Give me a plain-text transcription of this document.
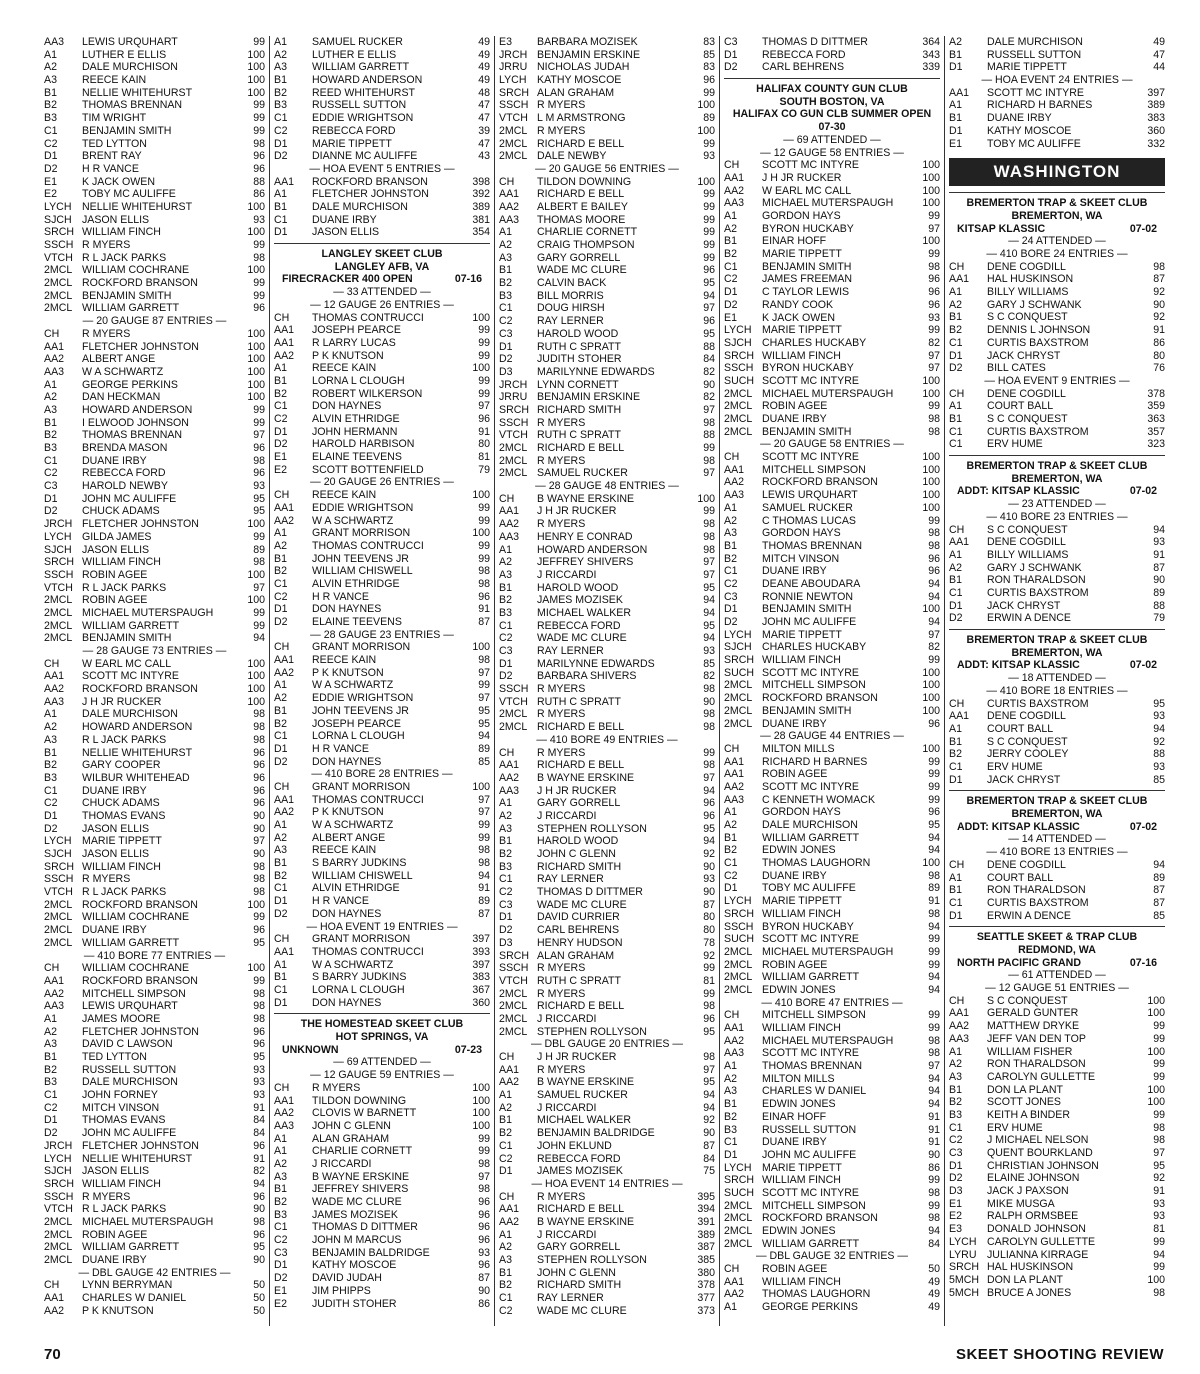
AA3	LEWIS URQUHART	99
A1	LUTHER E ELLIS	100
A2	DALE MURCHISON	100
A3	REECE KAIN	100
B1	NELLIE WHITEHURST	100
B2	THOMAS BRENNAN	99
B3	TIM WRIGHT	99
C1	BENJAMIN SMITH	99
C2	TED LYTTON	98
D1	BRENT RAY	96
D2	H R VANCE	96
E1	K JACK OWEN	88
E2	TOBY MC AULIFFE	86
LYCH NELLIE WHITEHURST	100
SJCH JASON ELLIS	93
SRCH WILLIAM FINCH	100
SSCH R MYERS	99
VTCH R L JACK PARKS	98
2MCL WILLIAM COCHRANE	100
2MCL ROCKFORD BRANSON	99
2MCL BENJAMIN SMITH	99
2MCL WILLIAM GARRETT	96
— 20 GAUGE 87 ENTRIES —
CH	R MYERS	100
AA1	FLETCHER JOHNSTON	100
AA2	ALBERT ANGE	100
AA3	W A SCHWARTZ	100
A1	GEORGE PERKINS	100
A2	DAN HECKMAN	100
A3	HOWARD ANDERSON	99
B1	I ELWOOD JOHNSON	99
B2	THOMAS BRENNAN	97
B3	BRENDA MASON	96
C1	DUANE IRBY	98
C2	REBECCA FORD	96
C3	HAROLD NEWBY	93
D1	JOHN MC AULIFFE	95
D2	CHUCK ADAMS	95
JRCH FLETCHER JOHNSTON	100
LYCH GILDA JAMES	99
SJCH JASON ELLIS	89
SRCH WILLIAM FINCH	98
SSCH ROBIN AGEE	100
VTCH R L JACK PARKS	97
2MCL ROBIN AGEE	100
2MCL MICHAEL MUTERSPAUGH	99
2MCL WILLIAM GARRETT	99
2MCL BENJAMIN SMITH	94
— 28 GAUGE 73 ENTRIES —
CH	W EARL MC CALL	100
AA1	SCOTT MC INTYRE	100
AA2	ROCKFORD BRANSON	100
AA3	J H JR RUCKER	100
A1	DALE MURCHISON	98
A2	HOWARD ANDERSON	98
A3	R L JACK PARKS	98
B1	NELLIE WHITEHURST	96
B2	GARY COOPER	96
B3	WILBUR WHITEHEAD	96
C1	DUANE IRBY	96
C2	CHUCK ADAMS	96
D1	THOMAS EVANS	90
D2	JASON ELLIS	90
LYCH MARIE TIPPETT	97
SJCH JASON ELLIS	90
SRCH WILLIAM FINCH	98
SSCH R MYERS	98
VTCH R L JACK PARKS	98
2MCL ROCKFORD BRANSON	100
2MCL WILLIAM COCHRANE	99
2MCL DUANE IRBY	96
2MCL WILLIAM GARRETT	95
— 410 BORE 77 ENTRIES —
CH	WILLIAM COCHRANE	100
AA1	ROCKFORD BRANSON	99
AA2	MITCHELL SIMPSON	98
AA3	LEWIS URQUHART	98
A1	JAMES MOORE	98
A2	FLETCHER JOHNSTON	96
A3	DAVID C LAWSON	96
B1	TED LYTTON	95
B2	RUSSELL SUTTON	93
B3	DALE MURCHISON	93
C1	JOHN FORNEY	93
C2	MITCH VINSON	91
D1	THOMAS EVANS	84
D2	JOHN MC AULIFFE	84
JRCH FLETCHER JOHNSTON	96
LYCH NELLIE WHITEHURST	91
SJCH JASON ELLIS	82
SRCH WILLIAM FINCH	94
SSCH R MYERS	96
VTCH R L JACK PARKS	90
2MCL MICHAEL MUTERSPAUGH	98
2MCL ROBIN AGEE	96
2MCL WILLIAM GARRETT	95
2MCL DUANE IRBY	90
— DBL GAUGE 42 ENTRIES —
CH	LYNN BERRYMAN	50
AA1	CHARLES W DANIEL	50
AA2	P K KNUTSON	50
A1	SAMUEL RUCKER	49
A2	LUTHER E ELLIS	49
A3	WILLIAM GARRETT	49
B1	HOWARD ANDERSON	49
B2	REED WHITEHURST	48
B3	RUSSELL SUTTON	47
C1	EDDIE WRIGHTSON	47
C2	REBECCA FORD	39
D1	MARIE TIPPETT	47
D2	DIANNE MC AULIFFE	43
— HOA EVENT 5 ENTRIES —
AA1	ROCKFORD BRANSON	398
A1	FLETCHER JOHNSTON	392
B1	DALE MURCHISON	389
C1	DUANE IRBY	381
D1	JASON ELLIS	354
LANGLEY SKEET CLUB
LANGLEY AFB, VA
FIRECRACKER 400 OPEN	07-16
— 33 ATTENDED —
— 12 GAUGE 26 ENTRIES —
CH	THOMAS CONTRUCCI	100
AA1	JOSEPH PEARCE	99
AA1	R LARRY LUCAS	99
AA2	P K KNUTSON	99
A1	REECE KAIN	100
B1	LORNA L CLOUGH	99
B2	ROBERT WILKERSON	99
C1	DON HAYNES	97
C2	ALVIN ETHRIDGE	96
D1	JOHN HERMANN	91
D2	HAROLD HARBISON	80
E1	ELAINE TEEVENS	81
E2	SCOTT BOTTENFIELD	79
— 20 GAUGE 26 ENTRIES —
CH	REECE KAIN	100
AA1	EDDIE WRIGHTSON	99
AA2	W A SCHWARTZ	99
A1	GRANT MORRISON	100
A2	THOMAS CONTRUCCI	99
B1	JOHN TEEVENS JR	99
B2	WILLIAM CHISWELL	98
C1	ALVIN ETHRIDGE	98
C2	H R VANCE	96
D1	DON HAYNES	91
D2	ELAINE TEEVENS	87
— 28 GAUGE 23 ENTRIES —
CH	GRANT MORRISON	100
AA1	REECE KAIN	98
AA2	P K KNUTSON	97
A1	W A SCHWARTZ	99
A2	EDDIE WRIGHTSON	97
B1	JOHN TEEVENS JR	95
B2	JOSEPH PEARCE	95
C1	LORNA L CLOUGH	94
D1	H R VANCE	89
D2	DON HAYNES	85
— 410 BORE 28 ENTRIES —
CH	GRANT MORRISON	100
AA1	THOMAS CONTRUCCI	97
AA2	P K KNUTSON	97
A1	W A SCHWARTZ	99
A2	ALBERT ANGE	99
A3	REECE KAIN	98
B1	S BARRY JUDKINS	98
B2	WILLIAM CHISWELL	94
C1	ALVIN ETHRIDGE	91
D1	H R VANCE	89
D2	DON HAYNES	87
— HOA EVENT 19 ENTRIES —
CH	GRANT MORRISON	397
AA1	THOMAS CONTRUCCI	393
A1	W A SCHWARTZ	397
B1	S BARRY JUDKINS	383
C1	LORNA L CLOUGH	367
D1	DON HAYNES	360
THE HOMESTEAD SKEET CLUB
HOT SPRINGS, VA
UNKNOWN	07-23
— 69 ATTENDED —
— 12 GAUGE 59 ENTRIES —
CH	R MYERS	100
AA1	TILDON DOWNING	100
AA2	CLOVIS W BARNETT	100
AA3	JOHN C GLENN	100
A1	ALAN GRAHAM	99
A1	CHARLIE CORNETT	99
A2	J RICCARDI	98
A3	B WAYNE ERSKINE	97
B1	JEFFREY SHIVERS	98
B2	WADE MC CLURE	96
B3	JAMES MOZISEK	96
C1	THOMAS D DITTMER	96
C2	JOHN M MARCUS	96
C3	BENJAMIN BALDRIDGE	93
D1	KATHY MOSCOE	96
D2	DAVID JUDAH	87
E1	JIM PHIPPS	90
E2	JUDITH STOHER	86
E3	BARBARA MOZISEK	83
JRCH BENJAMIN ERSKINE	85
JRRU NICHOLAS JUDAH	83
LYCH KATHY MOSCOE	96
SRCH ALAN GRAHAM	99
SSCH R MYERS	100
VTCH L M ARMSTRONG	89
2MCL R MYERS	100
2MCL RICHARD E BELL	99
2MCL DALE NEWBY	93
— 20 GAUGE 56 ENTRIES —
CH	TILDON DOWNING	100
AA1	RICHARD E BELL	99
AA2	ALBERT E BAILEY	99
AA3	THOMAS MOORE	99
A1	CHARLIE CORNETT	99
A2	CRAIG THOMPSON	99
A3	GARY GORRELL	99
B1	WADE MC CLURE	96
B2	CALVIN BACK	95
B3	BILL MORRIS	94
C1	DOUG HIRSH	97
C2	RAY LERNER	96
C3	HAROLD WOOD	95
D1	RUTH C SPRATT	88
D2	JUDITH STOHER	84
D3	MARILYNNE EDWARDS	82
JRCH LYNN CORNETT	90
JRRU BENJAMIN ERSKINE	82
SRCH RICHARD SMITH	97
SSCH R MYERS	98
VTCH RUTH C SPRATT	88
2MCL RICHARD E BELL	99
2MCL R MYERS	98
2MCL SAMUEL RUCKER	97
— 28 GAUGE 48 ENTRIES —
CH	B WAYNE ERSKINE	100
AA1	J H JR RUCKER	99
AA2	R MYERS	98
AA3	HENRY E CONRAD	98
A1	HOWARD ANDERSON	98
A2	JEFFREY SHIVERS	97
A3	J RICCARDI	97
B1	HAROLD WOOD	95
B2	JAMES MOZISEK	94
B3	MICHAEL WALKER	94
C1	REBECCA FORD	95
C2	WADE MC CLURE	94
C3	RAY LERNER	93
D1	MARILYNNE EDWARDS	85
D2	BARBARA SHIVERS	82
SSCH R MYERS	98
VTCH RUTH C SPRATT	90
2MCL R MYERS	98
2MCL RICHARD E BELL	98
— 410 BORE 49 ENTRIES —
CH	R MYERS	99
AA1	RICHARD E BELL	98
AA2	B WAYNE ERSKINE	97
AA3	J H JR RUCKER	94
A1	GARY GORRELL	96
A2	J RICCARDI	96
A3	STEPHEN ROLLYSON	95
B1	HAROLD WOOD	94
B2	JOHN C GLENN	92
B3	RICHARD SMITH	90
C1	RAY LERNER	93
C2	THOMAS D DITTMER	90
C3	WADE MC CLURE	87
D1	DAVID CURRIER	80
D2	CARL BEHRENS	80
D3	HENRY HUDSON	78
SRCH ALAN GRAHAM	92
SSCH R MYERS	99
VTCH RUTH C SPRATT	81
2MCL R MYERS	99
2MCL RICHARD E BELL	98
2MCL J RICCARDI	96
2MCL STEPHEN ROLLYSON	95
— DBL GAUGE 20 ENTRIES —
CH	J H JR RUCKER	98
AA1	R MYERS	97
AA2	B WAYNE ERSKINE	95
A1	SAMUEL RUCKER	94
A2	J RICCARDI	94
B1	MICHAEL WALKER	92
B2	BENJAMIN BALDRIDGE	90
C1	JOHN EKLUND	87
C2	REBECCA FORD	84
D1	JAMES MOZISEK	75
— HOA EVENT 14 ENTRIES —
CH	R MYERS	395
AA1	RICHARD E BELL	394
AA2	B WAYNE ERSKINE	391
A1	J RICCARDI	389
A2	GARY GORRELL	387
A3	STEPHEN ROLLYSON	385
B1	JOHN C GLENN	380
B2	RICHARD SMITH	378
C1	RAY LERNER	377
C2	WADE MC CLURE	373
C3	THOMAS D DITTMER	364
D1	REBECCA FORD	343
D2	CARL BEHRENS	339
HALIFAX COUNTY GUN CLUB
SOUTH BOSTON, VA
HALIFAX CO GUN CLB SUMMER OPEN
07-30
— 69 ATTENDED —
— 12 GAUGE 58 ENTRIES —
CH	SCOTT MC INTYRE	100
AA1	J H JR RUCKER	100
AA2	W EARL MC CALL	100
AA3	MICHAEL MUTERSPAUGH	100
A1	GORDON HAYS	99
A2	BYRON HUCKABY	97
B1	EINAR HOFF	100
B2	MARIE TIPPETT	99
C1	BENJAMIN SMITH	98
C2	JAMES FREEMAN	96
D1	C TAYLOR LEWIS	96
D2	RANDY COOK	96
E1	K JACK OWEN	93
LYCH MARIE TIPPETT	99
SJCH CHARLES HUCKABY	82
SRCH WILLIAM FINCH	97
SSCH BYRON HUCKABY	97
SUCH SCOTT MC INTYRE	100
2MCL MICHAEL MUTERSPAUGH	100
2MCL ROBIN AGEE	99
2MCL DUANE IRBY	98
2MCL BENJAMIN SMITH	98
— 20 GAUGE 58 ENTRIES —
CH	SCOTT MC INTYRE	100
AA1	MITCHELL SIMPSON	100
AA2	ROCKFORD BRANSON	100
AA3	LEWIS URQUHART	100
A1	SAMUEL RUCKER	100
A2	C THOMAS LUCAS	99
A3	GORDON HAYS	98
B1	THOMAS BRENNAN	98
B2	MITCH VINSON	96
C1	DUANE IRBY	96
C2	DEANE ABOUDARA	94
C3	RONNIE NEWTON	94
D1	BENJAMIN SMITH	100
D2	JOHN MC AULIFFE	94
LYCH MARIE TIPPETT	97
SJCH CHARLES HUCKABY	82
SRCH WILLIAM FINCH	99
SUCH SCOTT MC INTYRE	100
2MCL MITCHELL SIMPSON	100
2MCL ROCKFORD BRANSON	100
2MCL BENJAMIN SMITH	100
2MCL DUANE IRBY	96
— 28 GAUGE 44 ENTRIES —
CH	MILTON MILLS	100
AA1	RICHARD H BARNES	99
AA1	ROBIN AGEE	99
AA2	SCOTT MC INTYRE	99
AA3	C KENNETH WOMACK	99
A1	GORDON HAYS	96
A2	DALE MURCHISON	95
B1	WILLIAM GARRETT	94
B2	EDWIN JONES	94
C1	THOMAS LAUGHORN	100
C2	DUANE IRBY	98
D1	TOBY MC AULIFFE	89
LYCH MARIE TIPPETT	91
SRCH WILLIAM FINCH	98
SSCH BYRON HUCKABY	94
SUCH SCOTT MC INTYRE	99
2MCL MICHAEL MUTERSPAUGH	99
2MCL ROBIN AGEE	99
2MCL WILLIAM GARRETT	94
2MCL EDWIN JONES	94
— 410 BORE 47 ENTRIES —
CH	MITCHELL SIMPSON	99
AA1	WILLIAM FINCH	99
AA2	MICHAEL MUTERSPAUGH	98
AA3	SCOTT MC INTYRE	98
A1	THOMAS BRENNAN	97
A2	MILTON MILLS	94
A3	CHARLES W DANIEL	94
B1	EDWIN JONES	94
B2	EINAR HOFF	91
B3	RUSSELL SUTTON	91
C1	DUANE IRBY	91
D1	JOHN MC AULIFFE	90
LYCH MARIE TIPPETT	86
SRCH WILLIAM FINCH	99
SUCH SCOTT MC INTYRE	98
2MCL MITCHELL SIMPSON	99
2MCL ROCKFORD BRANSON	98
2MCL EDWIN JONES	94
2MCL WILLIAM GARRETT	84
— DBL GAUGE 32 ENTRIES —
CH	ROBIN AGEE	50
AA1	WILLIAM FINCH	49
AA2	THOMAS LAUGHORN	49
A1	GEORGE PERKINS	49
A2	DALE MURCHISON	49
B1	RUSSELL SUTTON	47
D1	MARIE TIPPETT	44
— HOA EVENT 24 ENTRIES —
AA1	SCOTT MC INTYRE	397
A1	RICHARD H BARNES	389
B1	DUANE IRBY	383
D1	KATHY MOSCOE	360
E1	TOBY MC AULIFFE	332
WASHINGTON
BREMERTON TRAP & SKEET CLUB
BREMERTON, WA
KITSAP KLASSIC	07-02
— 24 ATTENDED —
— 410 BORE 24 ENTRIES —
CH	DENE COGDILL	98
AA1	HAL HUSKINSON	87
A1	BILLY WILLIAMS	92
A2	GARY J SCHWANK	90
B1	S C CONQUEST	92
B2	DENNIS L JOHNSON	91
C1	CURTIS BAXSTROM	86
D1	JACK CHRYST	80
D2	BILL CATES	76
— HOA EVENT 9 ENTRIES —
CH	DENE COGDILL	378
A1	COURT BALL	359
B1	S C CONQUEST	363
C1	CURTIS BAXSTROM	357
C1	ERV HUME	323
BREMERTON TRAP & SKEET CLUB
BREMERTON, WA
ADDT: KITSAP KLASSIC	07-02
— 23 ATTENDED —
— 410 BORE 23 ENTRIES —
CH	S C CONQUEST	94
AA1	DENE COGDILL	93
A1	BILLY WILLIAMS	91
A2	GARY J SCHWANK	87
B1	RON THARALDSON	90
C1	CURTIS BAXSTROM	89
D1	JACK CHRYST	88
D2	ERWIN A DENCE	79
BREMERTON TRAP & SKEET CLUB
BREMERTON, WA
ADDT: KITSAP KLASSIC	07-02
— 18 ATTENDED —
— 410 BORE 18 ENTRIES —
CH	CURTIS BAXSTROM	95
AA1	DENE COGDILL	93
A1	COURT BALL	94
B1	S C CONQUEST	92
B2	JERRY COOLEY	88
C1	ERV HUME	93
D1	JACK CHRYST	85
BREMERTON TRAP & SKEET CLUB
BREMERTON, WA
ADDT: KITSAP KLASSIC	07-02
— 14 ATTENDED —
— 410 BORE 13 ENTRIES —
CH	DENE COGDILL	94
A1	COURT BALL	89
B1	RON THARALDSON	87
C1	CURTIS BAXSTROM	87
D1	ERWIN A DENCE	85
SEATTLE SKEET & TRAP CLUB
REDMOND, WA
NORTH PACIFIC GRAND	07-16
— 61 ATTENDED —
— 12 GAUGE 51 ENTRIES —
CH	S C CONQUEST	100
AA1	GERALD GUNTER	100
AA2	MATTHEW DRYKE	99
AA3	JEFF VAN DEN TOP	99
A1	WILLIAM FISHER	100
A2	RON THARALDSON	99
A3	CAROLYN GULLETTE	99
B1	DON LA PLANT	100
B2	SCOTT JONES	100
B3	KEITH A BINDER	99
C1	ERV HUME	98
C2	J MICHAEL NELSON	98
C3	QUENT BOURKLAND	97
D1	CHRISTIAN JOHNSON	95
D2	ELAINE JOHNSON	92
D3	JACK J PAXSON	91
E1	MIKE MUSGA	93
E2	RALPH ORMSBEE	93
E3	DONALD JOHNSON	81
LYCH CAROLYN GULLETTE	99
LYRU JULIANNA KIRRAGE	94
SRCH HAL HUSKINSON	99
5MCH DON LA PLANT	100
5MCH BRUCE A JONES	98
70	SKEET SHOOTING REVIEW
